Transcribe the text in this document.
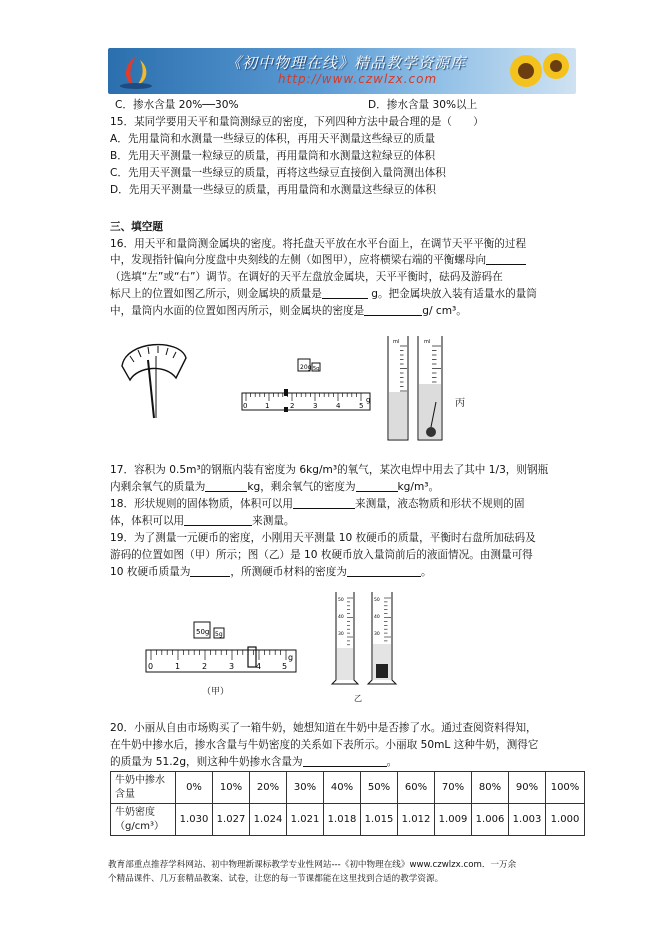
《初中物理在线》精品教学资源库
http://www.czwlzx.com
C．掺水含量 20%──30%	D．掺水含量 30%以上
15．某同学要用天平和量筒测绿豆的密度，下列四种方法中最合理的是（　　）
A．先用量筒和水测量一些绿豆的体积，再用天平测量这些绿豆的质量
B．先用天平测量一粒绿豆的质量，再用量筒和水测量这粒绿豆的体积
C．先用天平测量一些绿豆的质量，再将这些绿豆直接倒入量筒测出体积
D．先用天平测量一些绿豆的质量，再用量筒和水测量这些绿豆的体积
三、填空题
16．用天平和量筒测金属块的密度。将托盘天平放在水平台面上，在调节天平平衡的过程
中，发现指针偏向分度盘中央刻线的左侧（如图甲），应将横梁右端的平衡螺母向
（选填“左”或“右”）调节。在调好的天平左盘放金属块，天平平衡时，砝码及游码在
标尺上的位置如图乙所示，则金属块的质量是	g。把金属块放入装有适量水的量筒
中，量筒内水面的位置如图丙所示，则金属块的密度是	g/ cm³。
20g 5g
0	1	2	3	4	5
g
ml	ml
丙
17．容积为 0.5m³的钢瓶内装有密度为 6kg/m³的氧气，某次电焊中用去了其中 1/3，则钢瓶
内剩余氧气的质量为	kg，剩余氧气的密度为	kg/m³。
18．形状规则的固体物质，体积可以用	来测量，液态物质和形状不规则的固
体，体积可以用	来测量。
19．为了测量一元硬币的密度，小刚用天平测量 10 枚硬币的质量，平衡时右盘所加砝码及
游码的位置如图（甲）所示；图（乙）是 10 枚硬币放入量筒前后的液面情况。由测量可得
10 枚硬币质量为	，所测硬币材料的密度为	。
50g 5g
0	1	2	3	4	5
g
（甲）
50
40
30
50
40
30
乙
20．小丽从自由市场购买了一箱牛奶，她想知道在牛奶中是否掺了水。通过查阅资料得知，
在牛奶中掺水后，掺水含量与牛奶密度的关系如下表所示。小丽取 50mL 这种牛奶，测得它
的质量为 51.2g，则这种牛奶掺水含量为	。
牛奶中掺水含量	0%	10%	20%	30%	40%	50%	60%	70%	80%	90%	100%
牛奶密度（g/cm³）	1.030	1.027	1.024	1.021	1.018	1.015	1.012	1.009	1.006	1.003	1.000
教育部重点推荐学科网站、初中物理新课标教学专业性网站---《初中物理在线》www.czwlzx.com．一万余
个精品课件、几万套精品教案、试卷，让您的每一节课都能在这里找到合适的教学资源。
